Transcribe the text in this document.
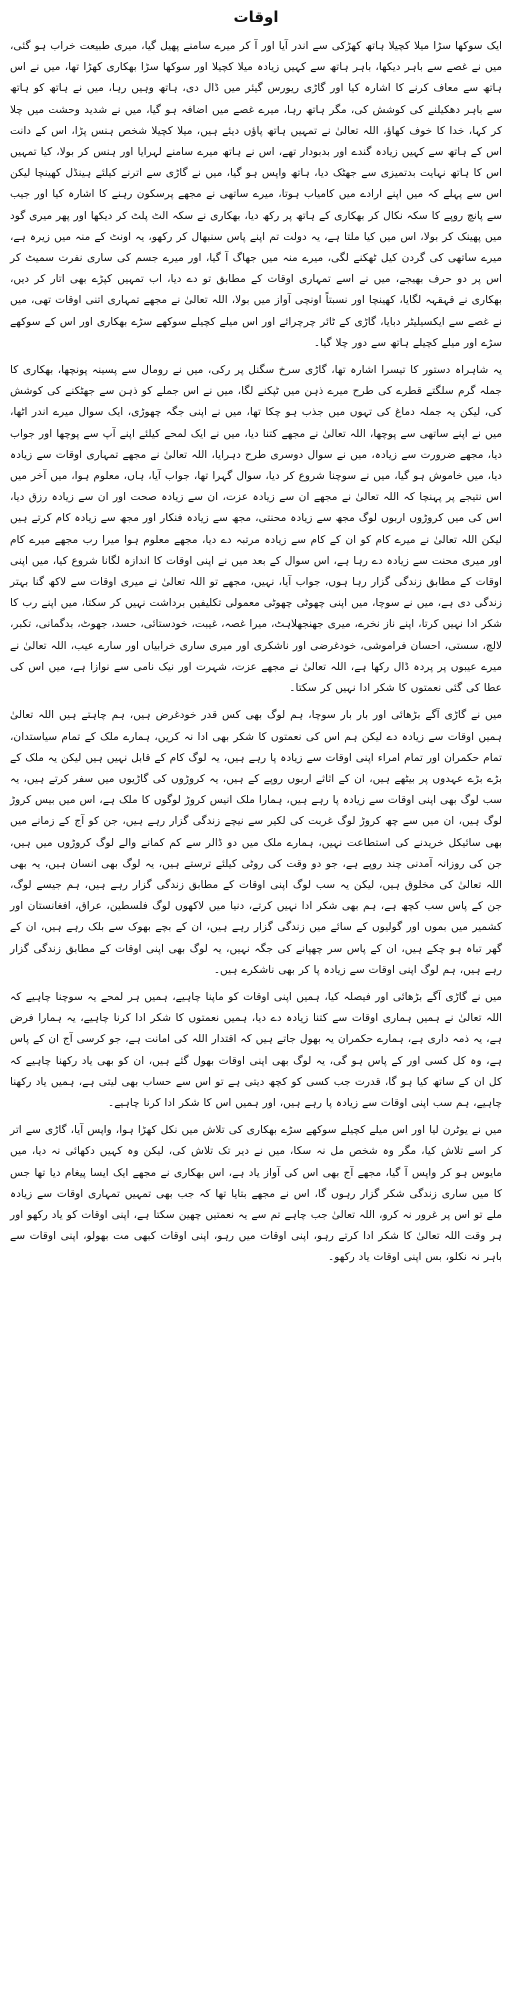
اوقات

ایک سوکھا سڑا میلا کچیلا ہاتھ کھڑکی سے اندر آیا اور آ کر میرے سامنے پھیل گیا، میری طبیعت خراب ہو گئی، میں نے غصے سے باہر دیکھا، باہر ہاتھ سے کہیں زیادہ میلا کچیلا اور سوکھا سڑا بھکاری کھڑا تھا، میں نے اس ہاتھ سے معاف کرنے کا اشارہ کیا اور گاڑی ریورس گیئر میں ڈال دی، ہاتھ وہیں رہا، میں نے ہاتھ کو ہاتھ سے باہر دھکیلنے کی کوشش کی، مگر ہاتھ رہا، میرے غصے میں اضافہ ہو گیا، میں نے شدید وحشت میں چلا کر کہا، خدا کا خوف کھاؤ، اللہ تعالیٰ نے تمہیں ہاتھ پاؤں دیئے ہیں، میلا کچیلا شخص ہنس پڑا، اس کے دانت اس کے ہاتھ سے کہیں زیادہ گندے اور بدبودار تھے، اس نے ہاتھ میرے سامنے لہرایا اور ہنس کر بولا، کیا تمہیں اس کا ہاتھ نہایت بدتمیزی سے جھٹک دیا، ہاتھ واپس ہو گیا، میں نے گاڑی سے اترنے کیلئے ہینڈل کھینچا لیکن اس سے پہلے کہ میں اپنے ارادے میں کامیاب ہوتا، میرے ساتھی نے مجھے پرسکون رہنے کا اشارہ کیا اور جیب سے پانچ روپے کا سکہ نکال کر بھکاری کے ہاتھ پر رکھ دیا، بھکاری نے سکہ الٹ پلٹ کر دیکھا اور پھر میری گود میں پھینک کر بولا، اس میں کیا ملتا ہے، یہ دولت تم اپنے پاس سنبھال کر رکھو، یہ اونٹ کے منہ میں زیرہ ہے، میرے ساتھی کی گردن کیل ٹھکنے لگی، میرے منہ میں جھاگ آ گیا، اور میرے جسم کی ساری نفرت سمیٹ کر اس پر دو حرف بھیجے، میں نے اسے تمہاری اوقات کے مطابق تو دے دیا، اب تمہیں کپڑے بھی اتار کر دیں، بھکاری نے قہقہہ لگایا، کھینچا اور نسبتاً اونچی آواز میں بولا، اللہ تعالیٰ نے مجھے تمہاری اتنی اوقات تھی، میں نے غصے سے ایکسیلیٹر دبایا، گاڑی کے ٹائر چرچرائے اور اس میلے کچیلے سوکھے سڑے بھکاری اور اس کے سوکھے سڑے اور میلے کچیلے ہاتھ سے دور چلا گیا۔

یہ شاہراہ دستور کا تیسرا اشارہ تھا، گاڑی سرخ سگنل پر رکی، میں نے رومال سے پسینہ پونچھا، بھکاری کا جملہ گرم سلگتے قطرے کی طرح میرے ذہن میں ٹپکنے لگا، میں نے اس جملے کو ذہن سے جھٹکنے کی کوشش کی، لیکن یہ جملہ دماغ کی تہوں میں جذب ہو چکا تھا، میں نے اپنی جگہ چھوڑی، ایک سوال میرے اندر اٹھا، میں نے اپنے ساتھی سے پوچھا، اللہ تعالیٰ نے مجھے کتنا دیا، میں نے ایک لمحے کیلئے اپنے آپ سے پوچھا اور جواب دیا، مجھے ضرورت سے زیادہ، میں نے سوال دوسری طرح دہرایا، اللہ تعالیٰ نے مجھے تمہاری اوقات سے زیادہ دیا، میں خاموش ہو گیا، میں نے سوچنا شروع کر دیا، سوال گہرا تھا، جواب آیا، ہاں، معلوم ہوا، میں آخر میں اس نتیجے پر پہنچا کہ اللہ تعالیٰ نے مجھے ان سے زیادہ عزت، ان سے زیادہ صحت اور ان سے زیادہ رزق دیا، اس کی میں کروڑوں اربوں لوگ مجھ سے زیادہ محنتی، مجھ سے زیادہ فنکار اور مجھ سے زیادہ کام کرتے ہیں لیکن اللہ تعالیٰ نے میرے کام کو ان کے کام سے زیادہ مرتبہ دے دیا، مجھے معلوم ہوا میرا رب مجھے میرے کام اور میری محنت سے زیادہ دے رہا ہے، اس سوال کے بعد میں نے اپنی اوقات کا اندازہ لگانا شروع کیا، میں اپنی اوقات کے مطابق زندگی گزار رہا ہوں، جواب آیا، نہیں، مجھے تو اللہ تعالیٰ نے میری اوقات سے لاکھ گنا بہتر زندگی دی ہے، میں نے سوچا، میں اپنی چھوٹی چھوٹی معمولی تکلیفیں برداشت نہیں کر سکتا، میں اپنے رب کا شکر ادا نہیں کرتا، اپنے ناز نخرے، میری جھنجھلاہٹ، میرا غصہ، غیبت، خودستائی، حسد، جھوٹ، بدگمانی، تکبر، لالچ، سستی، احسان فراموشی، خودغرضی اور ناشکری اور میری ساری خرابیاں اور سارے عیب، اللہ تعالیٰ نے میرے عیبوں پر پردہ ڈال رکھا ہے، اللہ تعالیٰ نے مجھے عزت، شہرت اور نیک نامی سے نوازا ہے، میں اس کی عطا کی گئی نعمتوں کا شکر ادا نہیں کر سکتا۔

میں نے گاڑی آگے بڑھائی اور بار بار سوچا، ہم لوگ بھی کس قدر خودغرض ہیں، ہم چاہتے ہیں اللہ تعالیٰ ہمیں اوقات سے زیادہ دے لیکن ہم اس کی نعمتوں کا شکر بھی ادا نہ کریں، ہمارے ملک کے تمام سیاستدان، تمام حکمران اور تمام امراء اپنی اوقات سے زیادہ پا رہے ہیں، یہ لوگ کام کے قابل نہیں ہیں لیکن یہ ملک کے بڑے بڑے عہدوں پر بیٹھے ہیں، ان کے اثاثے اربوں روپے کے ہیں، یہ کروڑوں کی گاڑیوں میں سفر کرتے ہیں، یہ سب لوگ بھی اپنی اوقات سے زیادہ پا رہے ہیں، ہمارا ملک انیس کروڑ لوگوں کا ملک ہے، اس میں بیس کروڑ لوگ ہیں، ان میں سے چھ کروڑ لوگ غربت کی لکیر سے نیچے زندگی گزار رہے ہیں، جن کو آج کے زمانے میں بھی سائیکل خریدنے کی استطاعت نہیں، ہمارے ملک میں دو ڈالر سے کم کمانے والے لوگ کروڑوں میں ہیں، جن کی روزانہ آمدنی چند روپے ہے، جو دو وقت کی روٹی کیلئے ترستے ہیں، یہ لوگ بھی انسان ہیں، یہ بھی اللہ تعالیٰ کی مخلوق ہیں، لیکن یہ سب لوگ اپنی اوقات کے مطابق زندگی گزار رہے ہیں، ہم جیسے لوگ، جن کے پاس سب کچھ ہے، ہم بھی شکر ادا نہیں کرتے، دنیا میں لاکھوں لوگ فلسطین، عراق، افغانستان اور کشمیر میں بموں اور گولیوں کے سائے میں زندگی گزار رہے ہیں، ان کے بچے بھوک سے بلک رہے ہیں، ان کے گھر تباہ ہو چکے ہیں، ان کے پاس سر چھپانے کی جگہ نہیں، یہ لوگ بھی اپنی اوقات کے مطابق زندگی گزار رہے ہیں، ہم لوگ اپنی اوقات سے زیادہ پا کر بھی ناشکرے ہیں۔

میں نے گاڑی آگے بڑھائی اور فیصلہ کیا، ہمیں اپنی اوقات کو ماپنا چاہیے، ہمیں ہر لمحے یہ سوچنا چاہیے کہ اللہ تعالیٰ نے ہمیں ہماری اوقات سے کتنا زیادہ دے دیا، ہمیں نعمتوں کا شکر ادا کرنا چاہیے، یہ ہمارا فرض ہے، یہ ذمہ داری ہے، ہمارے حکمران یہ بھول جاتے ہیں کہ اقتدار اللہ کی امانت ہے، جو کرسی آج ان کے پاس ہے، وہ کل کسی اور کے پاس ہو گی، یہ لوگ بھی اپنی اوقات بھول گئے ہیں، ان کو بھی یاد رکھنا چاہیے کہ کل ان کے ساتھ کیا ہو گا، قدرت جب کسی کو کچھ دیتی ہے تو اس سے حساب بھی لیتی ہے، ہمیں یاد رکھنا چاہیے، ہم سب اپنی اوقات سے زیادہ پا رہے ہیں، اور ہمیں اس کا شکر ادا کرنا چاہیے۔

میں نے یوٹرن لیا اور اس میلے کچیلے سوکھے سڑے بھکاری کی تلاش میں نکل کھڑا ہوا، واپس آیا، گاڑی سے اتر کر اسے تلاش کیا، مگر وہ شخص مل نہ سکا، میں نے دیر تک تلاش کی، لیکن وہ کہیں دکھائی نہ دیا، میں مایوس ہو کر واپس آ گیا، مجھے آج بھی اس کی آواز یاد ہے، اس بھکاری نے مجھے ایک ایسا پیغام دیا تھا جس کا میں ساری زندگی شکر گزار رہوں گا، اس نے مجھے بتایا تھا کہ جب بھی تمہیں تمہاری اوقات سے زیادہ ملے تو اس پر غرور نہ کرو، اللہ تعالیٰ جب چاہے تم سے یہ نعمتیں چھین سکتا ہے، اپنی اوقات کو یاد رکھو اور ہر وقت اللہ تعالیٰ کا شکر ادا کرتے رہو، اپنی اوقات میں رہو، اپنی اوقات کبھی مت بھولو، اپنی اوقات سے باہر نہ نکلو، بس اپنی اوقات یاد رکھو۔
